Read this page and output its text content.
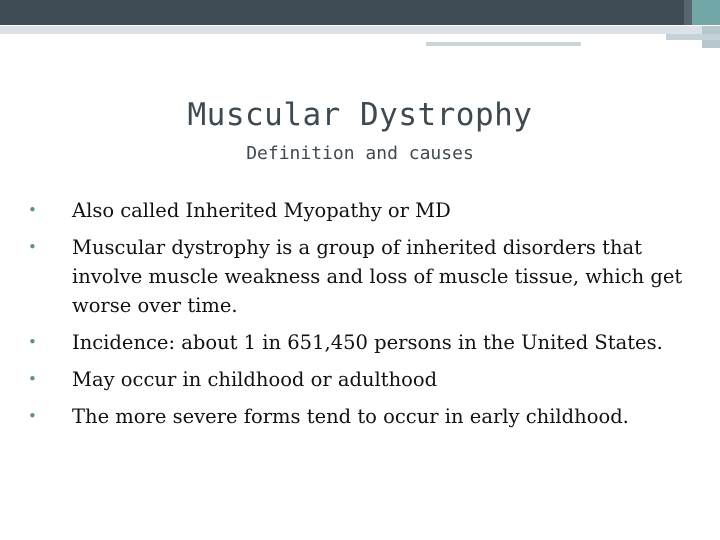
Muscular Dystrophy
Definition and causes
• Also called Inherited Myopathy or MD
• Muscular dystrophy is a group of inherited disorders that involve muscle weakness and loss of muscle tissue, which get worse over time.
• Incidence: about 1 in 651,450 persons in the United States.
• May occur in childhood or adulthood
• The more severe forms tend to occur in early childhood.
